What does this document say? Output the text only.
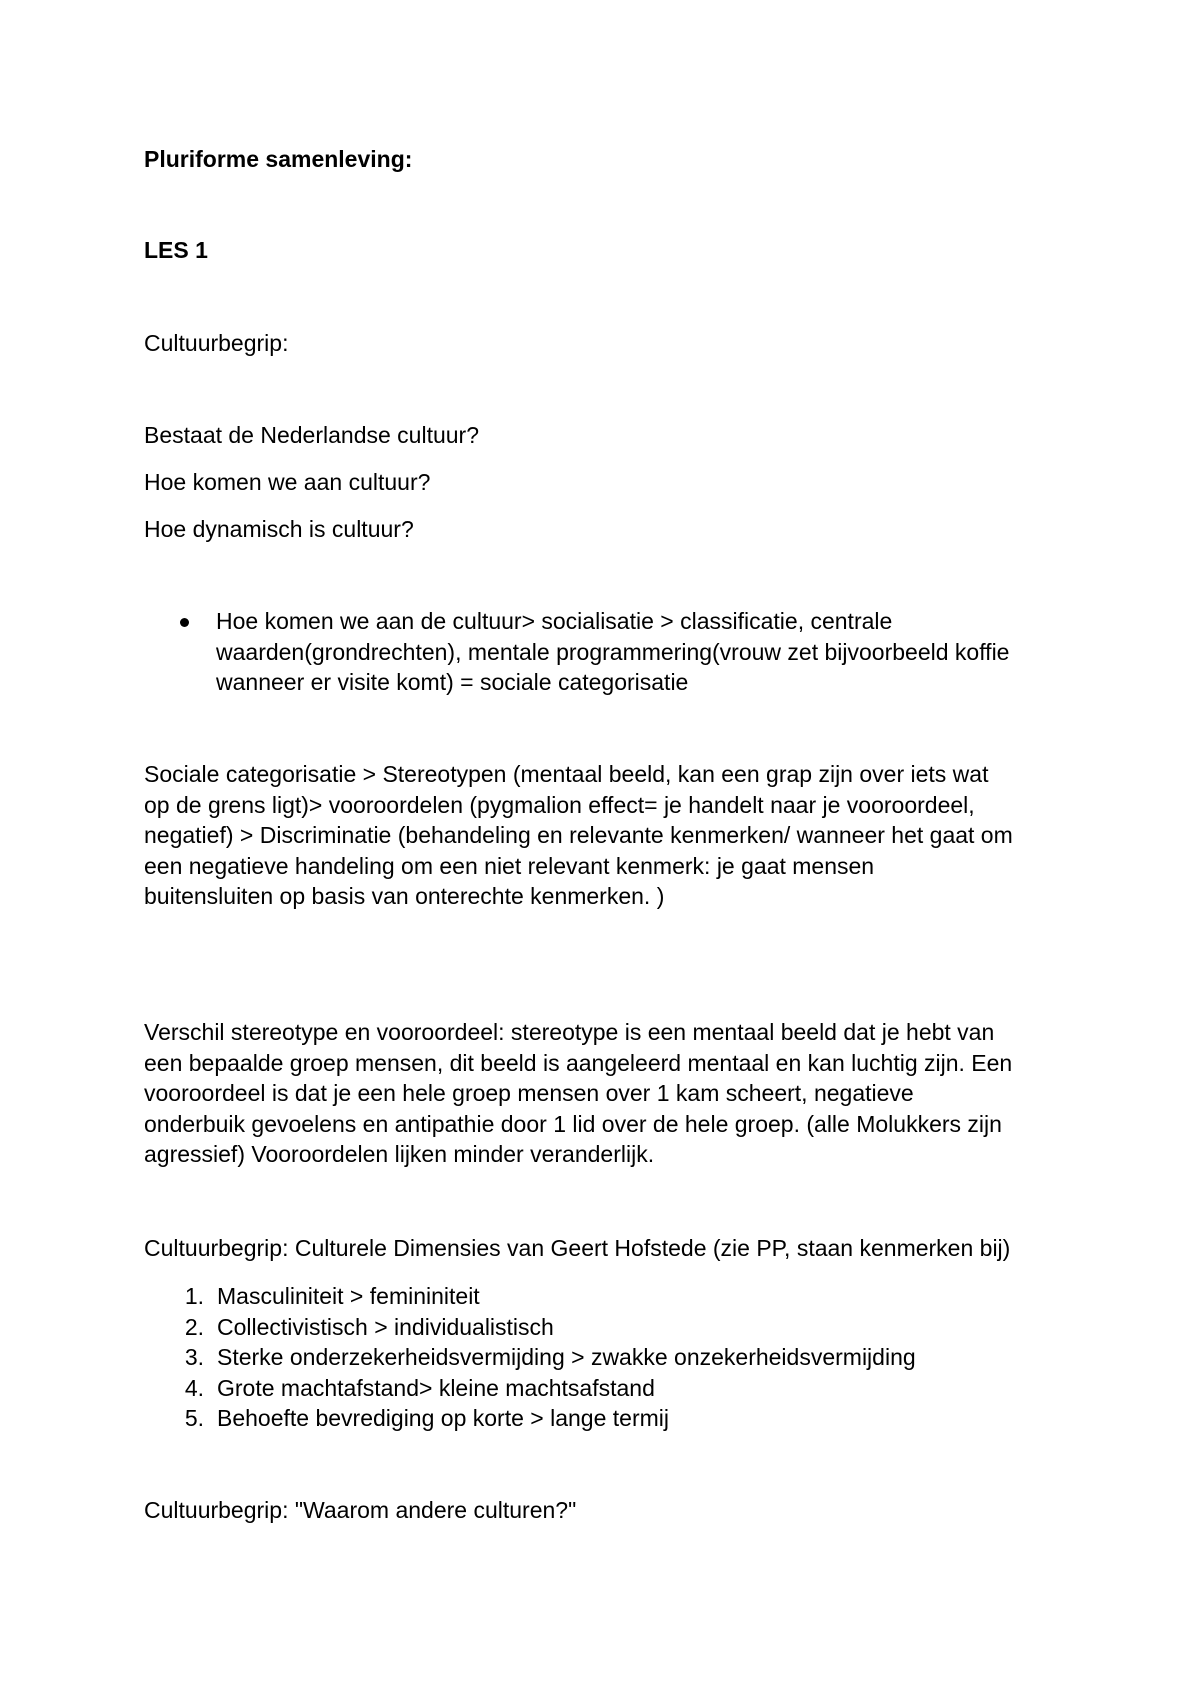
Pluriforme samenleving:
LES 1
Cultuurbegrip:
Bestaat de Nederlandse cultuur?
Hoe komen we aan cultuur?
Hoe dynamisch is cultuur?
Hoe komen we aan de cultuur> socialisatie > classificatie, centrale
waarden(grondrechten), mentale programmering(vrouw zet bijvoorbeeld koffie
wanneer er visite komt) = sociale categorisatie
Sociale categorisatie > Stereotypen (mentaal beeld, kan een grap zijn over iets wat
op de grens ligt)> vooroordelen (pygmalion effect= je handelt naar je vooroordeel,
negatief) > Discriminatie (behandeling en relevante kenmerken/ wanneer het gaat om
een negatieve handeling om een niet relevant kenmerk: je gaat mensen
buitensluiten op basis van onterechte kenmerken. )
Verschil stereotype en vooroordeel: stereotype is een mentaal beeld dat je hebt van
een bepaalde groep mensen, dit beeld is aangeleerd mentaal en kan luchtig zijn. Een
vooroordeel is dat je een hele groep mensen over 1 kam scheert, negatieve
onderbuik gevoelens en antipathie door 1 lid over de hele groep. (alle Molukkers zijn
agressief) Vooroordelen lijken minder veranderlijk.
Cultuurbegrip: Culturele Dimensies van Geert Hofstede (zie PP, staan kenmerken bij)
1. Masculiniteit > femininiteit
2. Collectivistisch > individualistisch
3. Sterke onderzekerheidsvermijding > zwakke onzekerheidsvermijding
4. Grote machtafstand> kleine machtsafstand
5. Behoefte bevrediging op korte > lange termij
Cultuurbegrip: "Waarom andere culturen?"
